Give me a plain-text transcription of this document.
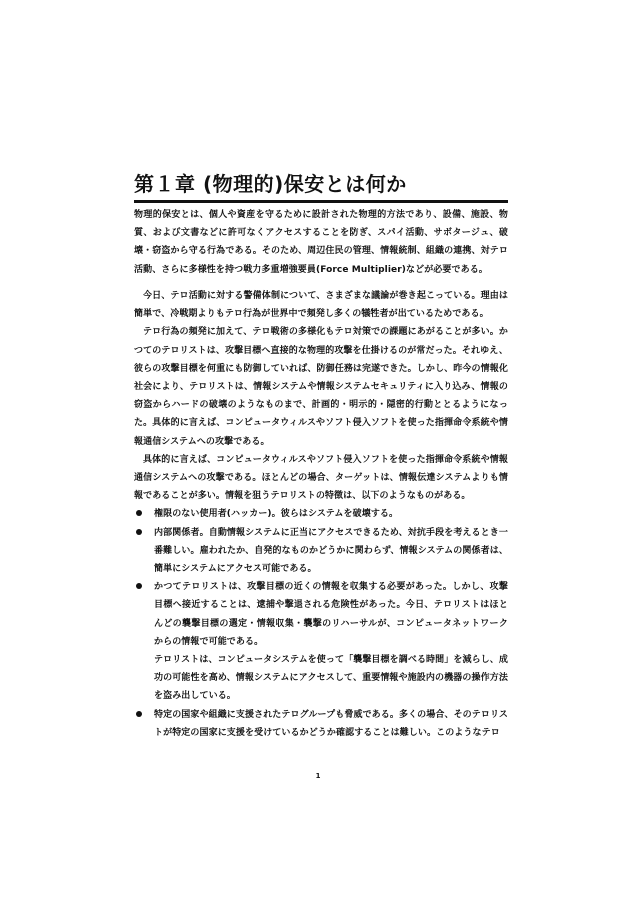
第１章 (物理的)保安とは何か

物理的保安とは、個人や資産を守るために設計された物理的方法であり、設備、施設、物質、および文書などに許可なくアクセスすることを防ぎ、スパイ活動、サボタージュ、破壊・窃盗から守る行為である。そのため、周辺住民の管理、情報統制、組織の連携、対テロ活動、さらに多様性を持つ戦力多重増強要員(Force Multiplier)などが必要である。

今日、テロ活動に対する警備体制について、さまざまな議論が巻き起こっている。理由は簡単で、冷戦期よりもテロ行為が世界中で頻発し多くの犠牲者が出ているためである。

テロ行為の頻発に加えて、テロ戦術の多様化もテロ対策での課題にあがることが多い。かつてのテロリストは、攻撃目標へ直接的な物理的攻撃を仕掛けるのが常だった。それゆえ、彼らの攻撃目標を何重にも防御していれば、防御任務は完遂できた。しかし、昨今の情報化社会により、テロリストは、情報システムや情報システムセキュリティに入り込み、情報の窃盗からハードの破壊のようなものまで、計画的・明示的・隠密的行動ととるようになった。具体的に言えば、コンピュータウィルスやソフト侵入ソフトを使った指揮命令系統や情報通信システムへの攻撃である。

具体的に言えば、コンピュータウィルスやソフト侵入ソフトを使った指揮命令系統や情報通信システムへの攻撃である。ほとんどの場合、ターゲットは、情報伝達システムよりも情報であることが多い。情報を狙うテロリストの特徴は、以下のようなものがある。

権限のない使用者(ハッカー)。彼らはシステムを破壊する。
内部関係者。自動情報システムに正当にアクセスできるため、対抗手段を考えるとき一番難しい。雇われたか、自発的なものかどうかに関わらず、情報システムの関係者は、簡単にシステムにアクセス可能である。
かつてテロリストは、攻撃目標の近くの情報を収集する必要があった。しかし、攻撃目標へ接近することは、逮捕や撃退される危険性があった。今日、テロリストはほとんどの襲撃目標の選定・情報収集・襲撃のリハーサルが、コンピュータネットワークからの情報で可能である。
テロリストは、コンピュータシステムを使って「襲撃目標を調べる時間」を減らし、成功の可能性を高め、情報システムにアクセスして、重要情報や施設内の機器の操作方法を盗み出している。
特定の国家や組織に支援されたテログループも脅威である。多くの場合、そのテロリストが特定の国家に支援を受けているかどうか確認することは難しい。このようなテロ
1
